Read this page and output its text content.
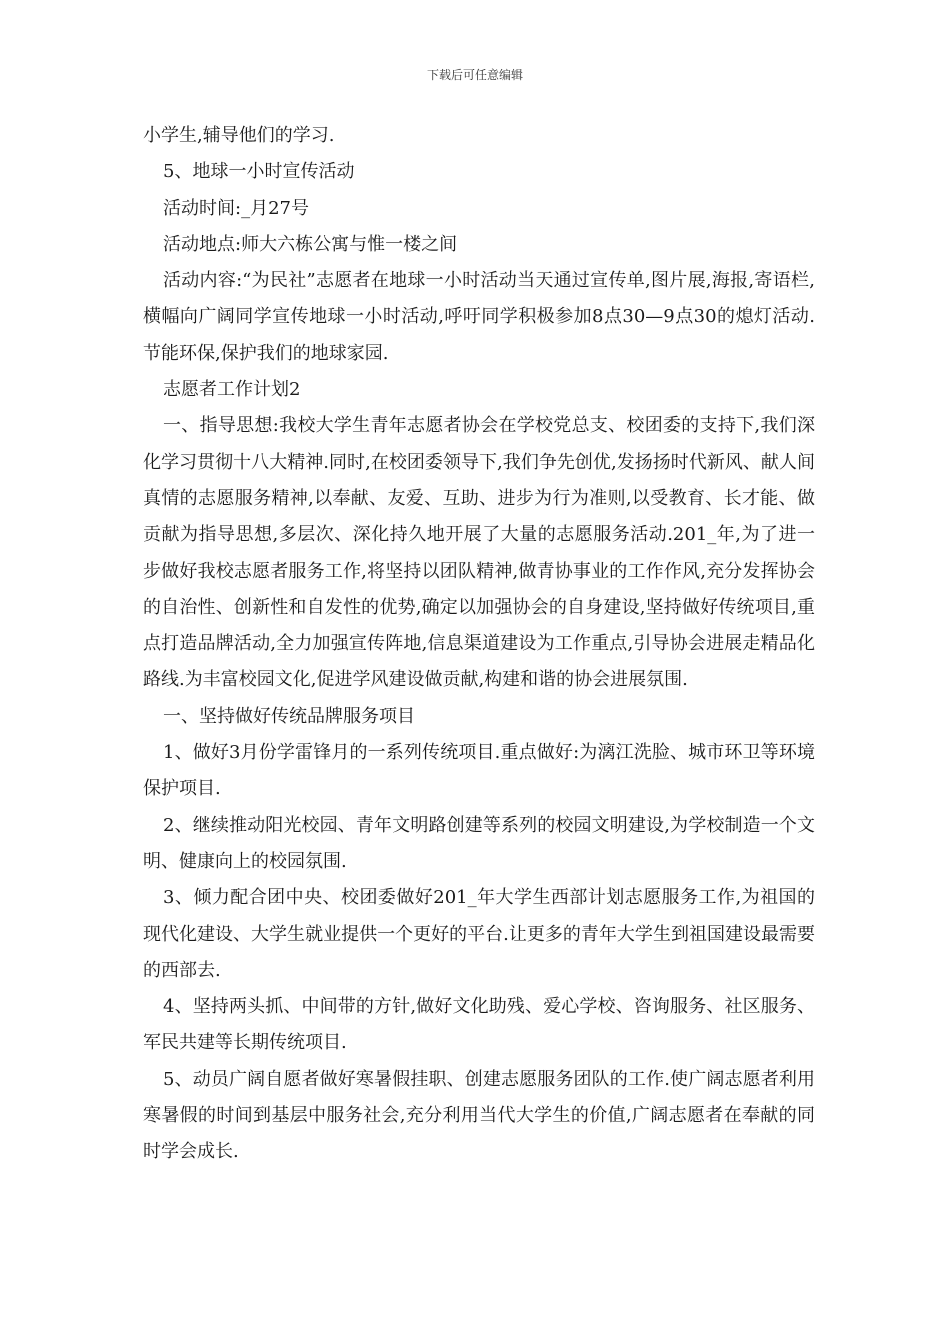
下载后可任意编辑

小学生,辅导他们的学习.

5、地球一小时宣传活动

活动时间:_月27号

活动地点:师大六栋公寓与惟一楼之间

活动内容:“为民社”志愿者在地球一小时活动当天通过宣传单,图片展,海报,寄语栏,横幅向广阔同学宣传地球一小时活动,呼吁同学积极参加8点30—9点30的熄灯活动.节能环保,保护我们的地球家园.

志愿者工作计划2

一、指导思想:我校大学生青年志愿者协会在学校党总支、校团委的支持下,我们深化学习贯彻十八大精神.同时,在校团委领导下,我们争先创优,发扬扬时代新风、献人间真情的志愿服务精神,以奉献、友爱、互助、进步为行为准则,以受教育、长才能、做贡献为指导思想,多层次、深化持久地开展了大量的志愿服务活动.201_年,为了进一步做好我校志愿者服务工作,将坚持以团队精神,做青协事业的工作作风,充分发挥协会的自治性、创新性和自发性的优势,确定以加强协会的自身建设,坚持做好传统项目,重点打造品牌活动,全力加强宣传阵地,信息渠道建设为工作重点,引导协会进展走精品化路线.为丰富校园文化,促进学风建设做贡献,构建和谐的协会进展氛围.

一、坚持做好传统品牌服务项目

1、做好3月份学雷锋月的一系列传统项目.重点做好:为漓江洗脸、城市环卫等环境保护项目.

2、继续推动阳光校园、青年文明路创建等系列的校园文明建设,为学校制造一个文明、健康向上的校园氛围.

3、倾力配合团中央、校团委做好201_年大学生西部计划志愿服务工作,为祖国的现代化建设、大学生就业提供一个更好的平台.让更多的青年大学生到祖国建设最需要的西部去.

4、坚持两头抓、中间带的方针,做好文化助残、爱心学校、咨询服务、社区服务、军民共建等长期传统项目.

5、动员广阔自愿者做好寒暑假挂职、创建志愿服务团队的工作.使广阔志愿者利用寒暑假的时间到基层中服务社会,充分利用当代大学生的价值,广阔志愿者在奉献的同时学会成长.
